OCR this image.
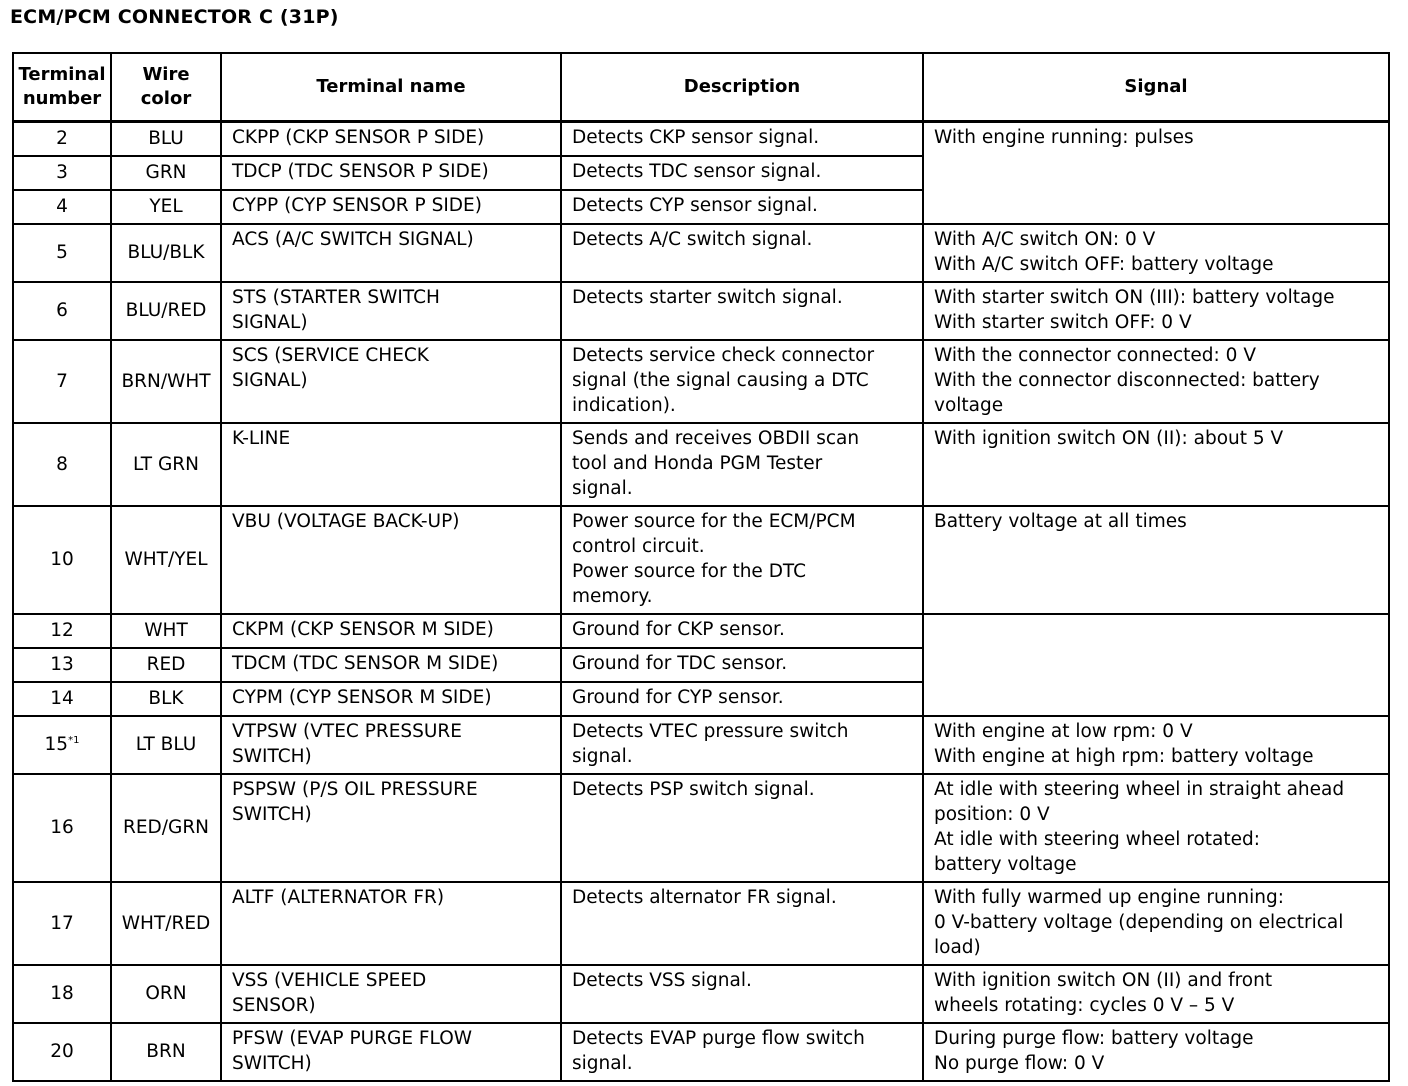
ECM/PCM CONNECTOR C (31P)
Terminal number	Wire color	Terminal name	Description	Signal
2	BLU	CKPP (CKP SENSOR P SIDE)	Detects CKP sensor signal.	With engine running: pulses
3	GRN	TDCP (TDC SENSOR P SIDE)	Detects TDC sensor signal.	
4	YEL	CYPP (CYP SENSOR P SIDE)	Detects CYP sensor signal.	
5	BLU/BLK	ACS (A/C SWITCH SIGNAL)	Detects A/C switch signal.	With A/C switch ON: 0 V
With A/C switch OFF: battery voltage
6	BLU/RED	STS (STARTER SWITCH
SIGNAL)	Detects starter switch signal.	With starter switch ON (III): battery voltage
With starter switch OFF: 0 V
7	BRN/WHT	SCS (SERVICE CHECK
SIGNAL)	Detects service check connector
signal (the signal causing a DTC
indication).	With the connector connected: 0 V
With the connector disconnected: battery
voltage
8	LT GRN	K-LINE	Sends and receives OBDII scan
tool and Honda PGM Tester
signal.	With ignition switch ON (II): about 5 V
10	WHT/YEL	VBU (VOLTAGE BACK-UP)	Power source for the ECM/PCM
control circuit.
Power source for the DTC
memory.	Battery voltage at all times
12	WHT	CKPM (CKP SENSOR M SIDE)	Ground for CKP sensor.	
13	RED	TDCM (TDC SENSOR M SIDE)	Ground for TDC sensor.	
14	BLK	CYPM (CYP SENSOR M SIDE)	Ground for CYP sensor.	
15$^{*1}$	LT BLU	VTPSW (VTEC PRESSURE
SWITCH)	Detects VTEC pressure switch
signal.	With engine at low rpm: 0 V
With engine at high rpm: battery voltage
16	RED/GRN	PSPSW (P/S OIL PRESSURE
SWITCH)	Detects PSP switch signal.	At idle with steering wheel in straight ahead
position: 0 V
At idle with steering wheel rotated:
battery voltage
17	WHT/RED	ALTF (ALTERNATOR FR)	Detects alternator FR signal.	With fully warmed up engine running:
0 V-battery voltage (depending on electrical
load)
18	ORN	VSS (VEHICLE SPEED
SENSOR)	Detects VSS signal.	With ignition switch ON (II) and front
wheels rotating: cycles 0 V – 5 V
20	BRN	PFSW (EVAP PURGE FLOW
SWITCH)	Detects EVAP purge flow switch
signal.	During purge flow: battery voltage
No purge flow: 0 V
